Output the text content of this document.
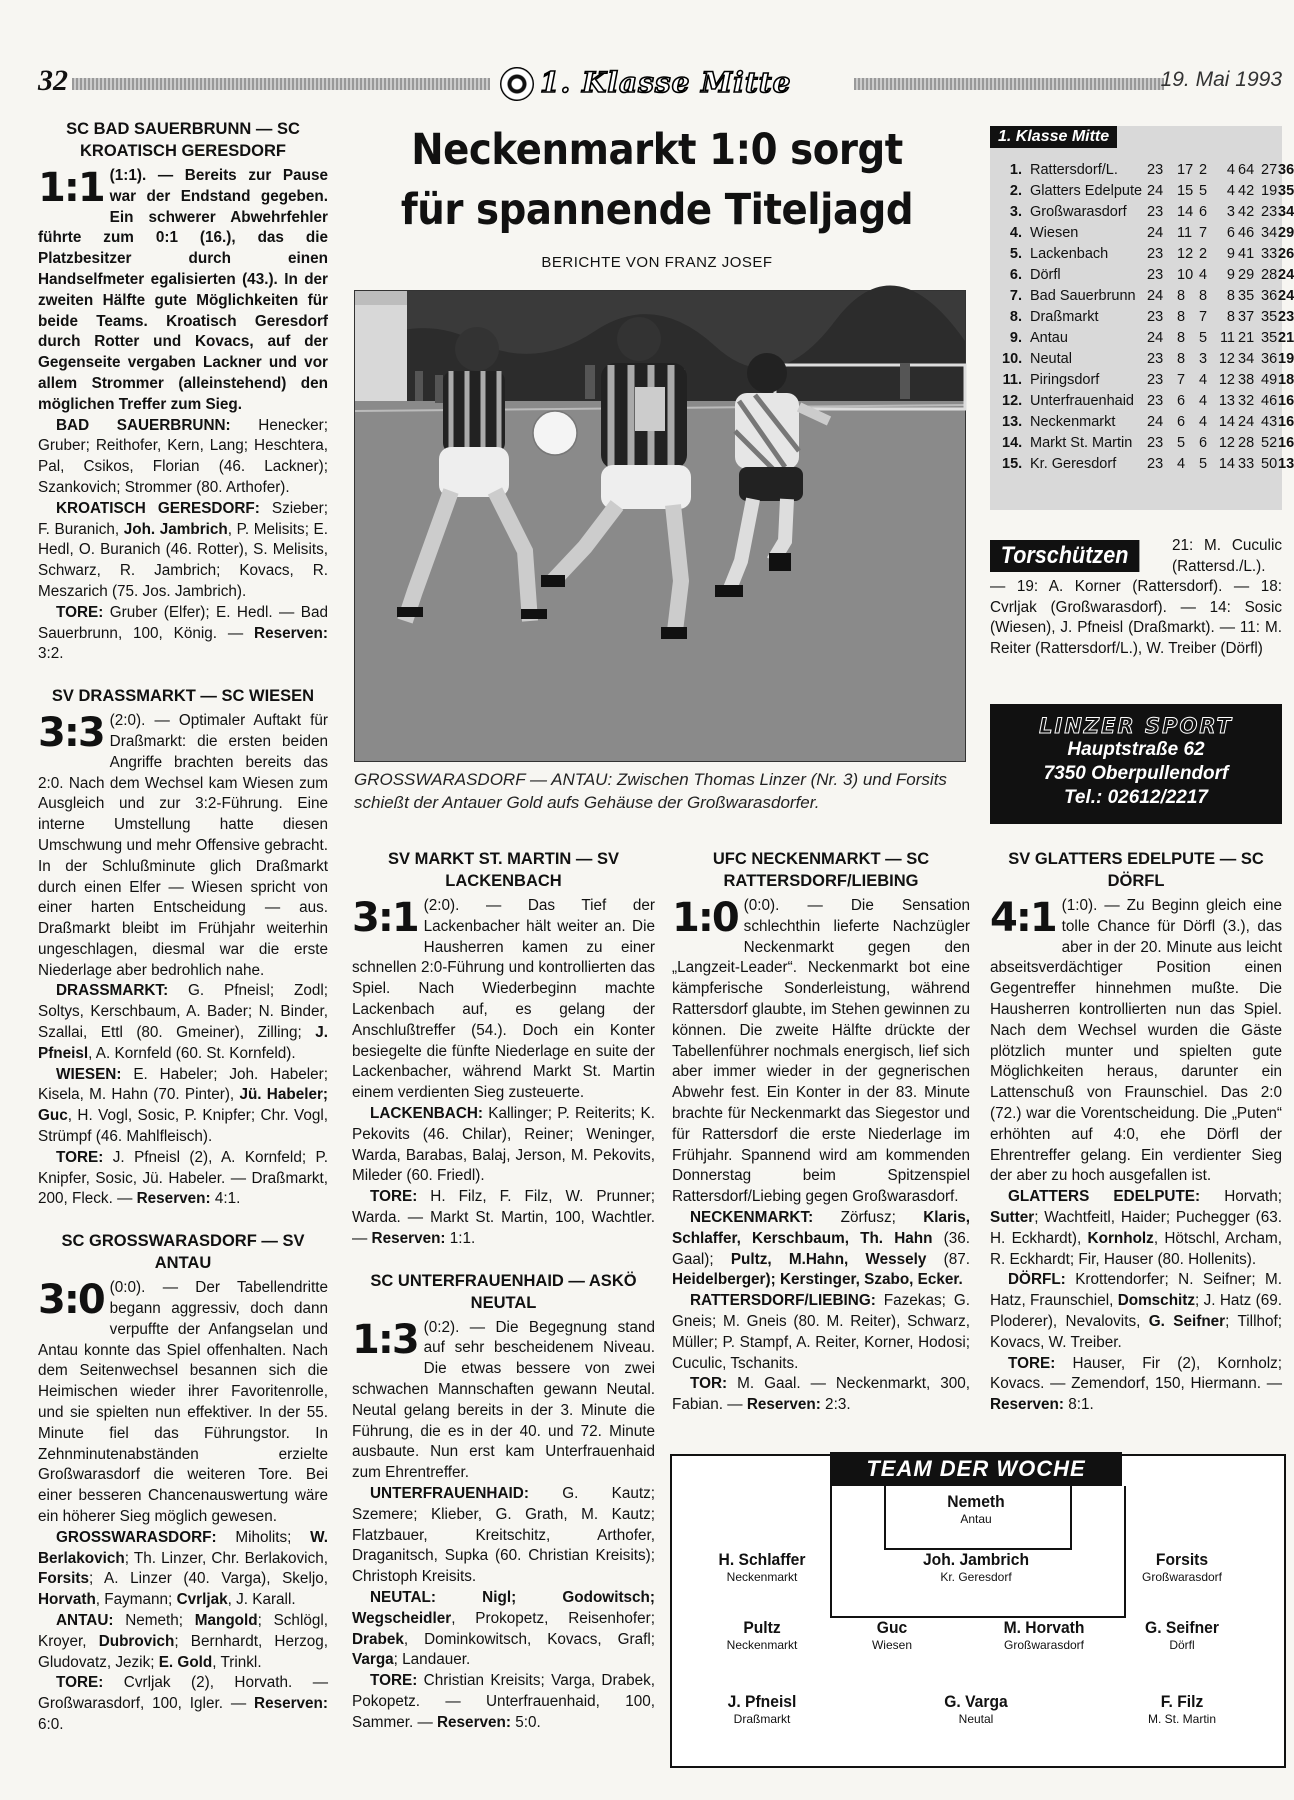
32	1. Klasse Mitte	19. Mai 1993
SC BAD SAUERBRUNN — SC KROATISCH GERESDORF

1:1 (1:1). — Bereits zur Pause war der Endstand gegeben. Ein schwerer Abwehrfehler führte zum 0:1 (16.), das die Platzbesitzer durch einen Handselfmeter egalisierten (43.). In der zweiten Hälfte gute Möglichkeiten für beide Teams. Kroatisch Geresdorf durch Rotter und Kovacs, auf der Gegenseite vergaben Lackner und vor allem Strommer (alleinstehend) den möglichen Treffer zum Sieg.

BAD SAUERBRUNN: Henecker; Gruber; Reithofer, Kern, Lang; Heschtera, Pal, Csikos, Florian (46. Lackner); Szankovich; Strommer (80. Arthofer).

KROATISCH GERESDORF: Szieber; F. Buranich, Joh. Jambrich, P. Melisits; E. Hedl, O. Buranich (46. Rotter), S. Melisits, Schwarz, R. Jambrich; Kovacs, R. Meszarich (75. Jos. Jambrich).

TORE: Gruber (Elfer); E. Hedl. — Bad Sauerbrunn, 100, König. — Reserven: 3:2.

SV DRASSMARKT — SC WIESEN

3:3 (2:0). — Optimaler Auftakt für Draßmarkt: die ersten beiden Angriffe brachten bereits das 2:0. Nach dem Wechsel kam Wiesen zum Ausgleich und zur 3:2-Führung. Eine interne Umstellung hatte diesen Umschwung und mehr Offensive gebracht. In der Schlußminute glich Draßmarkt durch einen Elfer — Wiesen spricht von einer harten Entscheidung — aus. Draßmarkt bleibt im Frühjahr weiterhin ungeschlagen, diesmal war die erste Niederlage aber bedrohlich nahe.

DRASSMARKT: G. Pfneisl; Zodl; Soltys, Kerschbaum, A. Bader; N. Binder, Szallai, Ettl (80. Gmeiner), Zilling; J. Pfneisl, A. Kornfeld (60. St. Kornfeld).

WIESEN: E. Habeler; Joh. Habeler; Kisela, M. Hahn (70. Pinter), Jü. Habeler; Guc, H. Vogl, Sosic, P. Knipfer; Chr. Vogl, Strümpf (46. Mahlfleisch).

TORE: J. Pfneisl (2), A. Kornfeld; P. Knipfer, Sosic, Jü. Habeler. — Draßmarkt, 200, Fleck. — Reserven: 4:1.

SC GROSSWARASDORF — SV ANTAU

3:0 (0:0). — Der Tabellendritte begann aggressiv, doch dann verpuffte der Anfangselan und Antau konnte das Spiel offenhalten. Nach dem Seitenwechsel besannen sich die Heimischen wieder ihrer Favoritenrolle, und sie spielten nun effektiver. In der 55. Minute fiel das Führungstor. In Zehnminutenabständen erzielte Großwarasdorf die weiteren Tore. Bei einer besseren Chancenauswertung wäre ein höherer Sieg möglich gewesen.

GROSSWARASDORF: Miholits; W. Berlakovich; Th. Linzer, Chr. Berlakovich, Forsits; A. Linzer (40. Varga), Skeljo, Horvath, Faymann; Cvrljak, J. Karall.

ANTAU: Nemeth; Mangold; Schlögl, Kroyer, Dubrovich; Bernhardt, Herzog, Gludovatz, Jezik; E. Gold, Trinkl.

TORE: Cvrljak (2), Horvath. — Großwarasdorf, 100, Igler. — Reserven: 6:0.

Neckenmarkt 1:0 sorgt für spannende Titeljagd
BERICHTE VON FRANZ JOSEF
GROSSWARASDORF — ANTAU: Zwischen Thomas Linzer (Nr. 3) und Forsits schießt der Antauer Gold aufs Gehäuse der Großwarasdorfer.
1. Klasse Mitte
1. Rattersdorf/L. 23 17 2	4 64 27 36
2. Glatters Edelpute 24 15 5	4 42 19 35
3. Großwarasdorf 23 14 6	3 42 23 34
4. Wiesen	24 11 7	6 46 34 29
5. Lackenbach	23 12 2	9 41 33 26
6. Dörfl	23 10 4	9 29 28 24
7. Bad Sauerbrunn 24 8 8	8 35 36 24
8. Draßmarkt	23 8 7	8 37 35 23
9. Antau	24 8 5 11 21 35 21
10. Neutal	23 8 3 12 34 36 19
11. Piringsdorf	23 7 4 12 38 49 18
12. Unterfrauenhaid 23 6 4 13 32 46 16
13. Neckenmarkt 24 6 4 14 24 43 16
14. Markt St. Martin 23 5 6 12 28 52 16
15. Kr. Geresdorf 23 4 5 14 33 50 13
21: M. Cuculic (Rattersd./L.). — 19: A. Korner (Rattersdorf). — 18: Cvrljak (Großwarasdorf). — 14: Sosic (Wiesen), J. Pfneisl (Draßmarkt). — 11: M. Reiter (Rattersdorf/L.), W. Treiber (Dörfl)
Torschützen
LINZER SPORT
Hauptstraße 62
7350 Oberpullendorf
Tel.: 02612/2217
SV MARKT ST. MARTIN — SV LACKENBACH

3:1 (2:0). — Das Tief der Lackenbacher hält weiter an. Die Hausherren kamen zu einer schnellen 2:0-Führung und kontrollierten das Spiel. Nach Wiederbeginn machte Lackenbach auf, es gelang der Anschlußtreffer (54.). Doch ein Konter besiegelte die fünfte Niederlage en suite der Lackenbacher, während Markt St. Martin einem verdienten Sieg zusteuerte.

LACKENBACH: Kallinger; P. Reiterits; K. Pekovits (46. Chilar), Reiner; Weninger, Warda, Barabas, Balaj, Jerson, M. Pekovits, Mileder (60. Friedl).

TORE: H. Filz, F. Filz, W. Prunner; Warda. — Markt St. Martin, 100, Wachtler. — Reserven: 1:1.

SC UNTERFRAUENHAID — ASKÖ NEUTAL

1:3 (0:2). — Die Begegnung stand auf sehr bescheidenem Niveau. Die etwas bessere von zwei schwachen Mannschaften gewann Neutal. Neutal gelang bereits in der 3. Minute die Führung, die es in der 40. und 72. Minute ausbaute. Nun erst kam Unterfrauenhaid zum Ehrentreffer.

UNTERFRAUENHAID: G. Kautz; Szemere; Klieber, G. Grath, M. Kautz; Flatzbauer, Kreitschitz, Arthofer, Draganitsch, Supka (60. Christian Kreisits); Christoph Kreisits.

NEUTAL: Nigl; Godowitsch; Wegscheidler, Prokopetz, Reisenhofer; Drabek, Dominkowitsch, Kovacs, Grafl; Varga; Landauer.

TORE: Christian Kreisits; Varga, Drabek, Pokopetz. — Unterfrauenhaid, 100, Sammer. — Reserven: 5:0.

UFC NECKENMARKT — SC RATTERSDORF/LIEBING

1:0 (0:0). — Die Sensation schlechthin lieferte Nachzügler Neckenmarkt gegen den „Langzeit-Leader“. Neckenmarkt bot eine kämpferische Sonderleistung, während Rattersdorf glaubte, im Stehen gewinnen zu können. Die zweite Hälfte drückte der Tabellenführer nochmals energisch, lief sich aber immer wieder in der gegnerischen Abwehr fest. Ein Konter in der 83. Minute brachte für Neckenmarkt das Siegestor und für Rattersdorf die erste Niederlage im Frühjahr. Spannend wird am kommenden Donnerstag beim Spitzenspiel Rattersdorf/Liebing gegen Großwarasdorf.

NECKENMARKT: Zörfusz; Klaris, Schlaffer, Kerschbaum, Th. Hahn (36. Gaal); Pultz, M.Hahn, Wessely (87. Heidelberger); Kerstinger, Szabo, Ecker.

RATTERSDORF/LIEBING: Fazekas; G. Gneis; M. Gneis (80. M. Reiter), Schwarz, Müller; P. Stampf, A. Reiter, Korner, Hodosi; Cuculic, Tschanits.

TOR: M. Gaal. — Neckenmarkt, 300, Fabian. — Reserven: 2:3.

SV GLATTERS EDELPUTE — SC DÖRFL

4:1 (1:0). — Zu Beginn gleich eine tolle Chance für Dörfl (3.), das aber in der 20. Minute aus leicht abseitsverdächtiger Position einen Gegentreffer hinnehmen mußte. Die Hausherren kontrollierten nun das Spiel. Nach dem Wechsel wurden die Gäste plötzlich munter und spielten gute Möglichkeiten heraus, darunter ein Lattenschuß von Fraunschiel. Das 2:0 (72.) war die Vorentscheidung. Die „Puten“ erhöhten auf 4:0, ehe Dörfl der Ehrentreffer gelang. Ein verdienter Sieg der aber zu hoch ausgefallen ist.

GLATTERS EDELPUTE: Horvath; Sutter; Wachtfeitl, Haider; Puchegger (63. H. Eckhardt), Kornholz, Hötschl, Archam, R. Eckhardt; Fir, Hauser (80. Hollenits).

DÖRFL: Krottendorfer; N. Seifner; M. Hatz, Fraunschiel, Domschitz; J. Hatz (69. Ploderer), Nevalovits, G. Seifner; Tillhof; Kovacs, W. Treiber.

TORE: Hauser, Fir (2), Kornholz; Kovacs. — Zemendorf, 150, Hiermann. — Reserven: 8:1.

TEAM DER WOCHE
Nemeth
Antau
H. Schlaffer
Neckenmarkt
Joh. Jambrich
Kr. Geresdorf
Forsits
Großwarasdorf
Pultz
Neckenmarkt
Guc
Wiesen
M. Horvath
Großwarasdorf
G. Seifner
Dörfl
J. Pfneisl
Draßmarkt
G. Varga
Neutal
F. Filz
M. St. Martin
